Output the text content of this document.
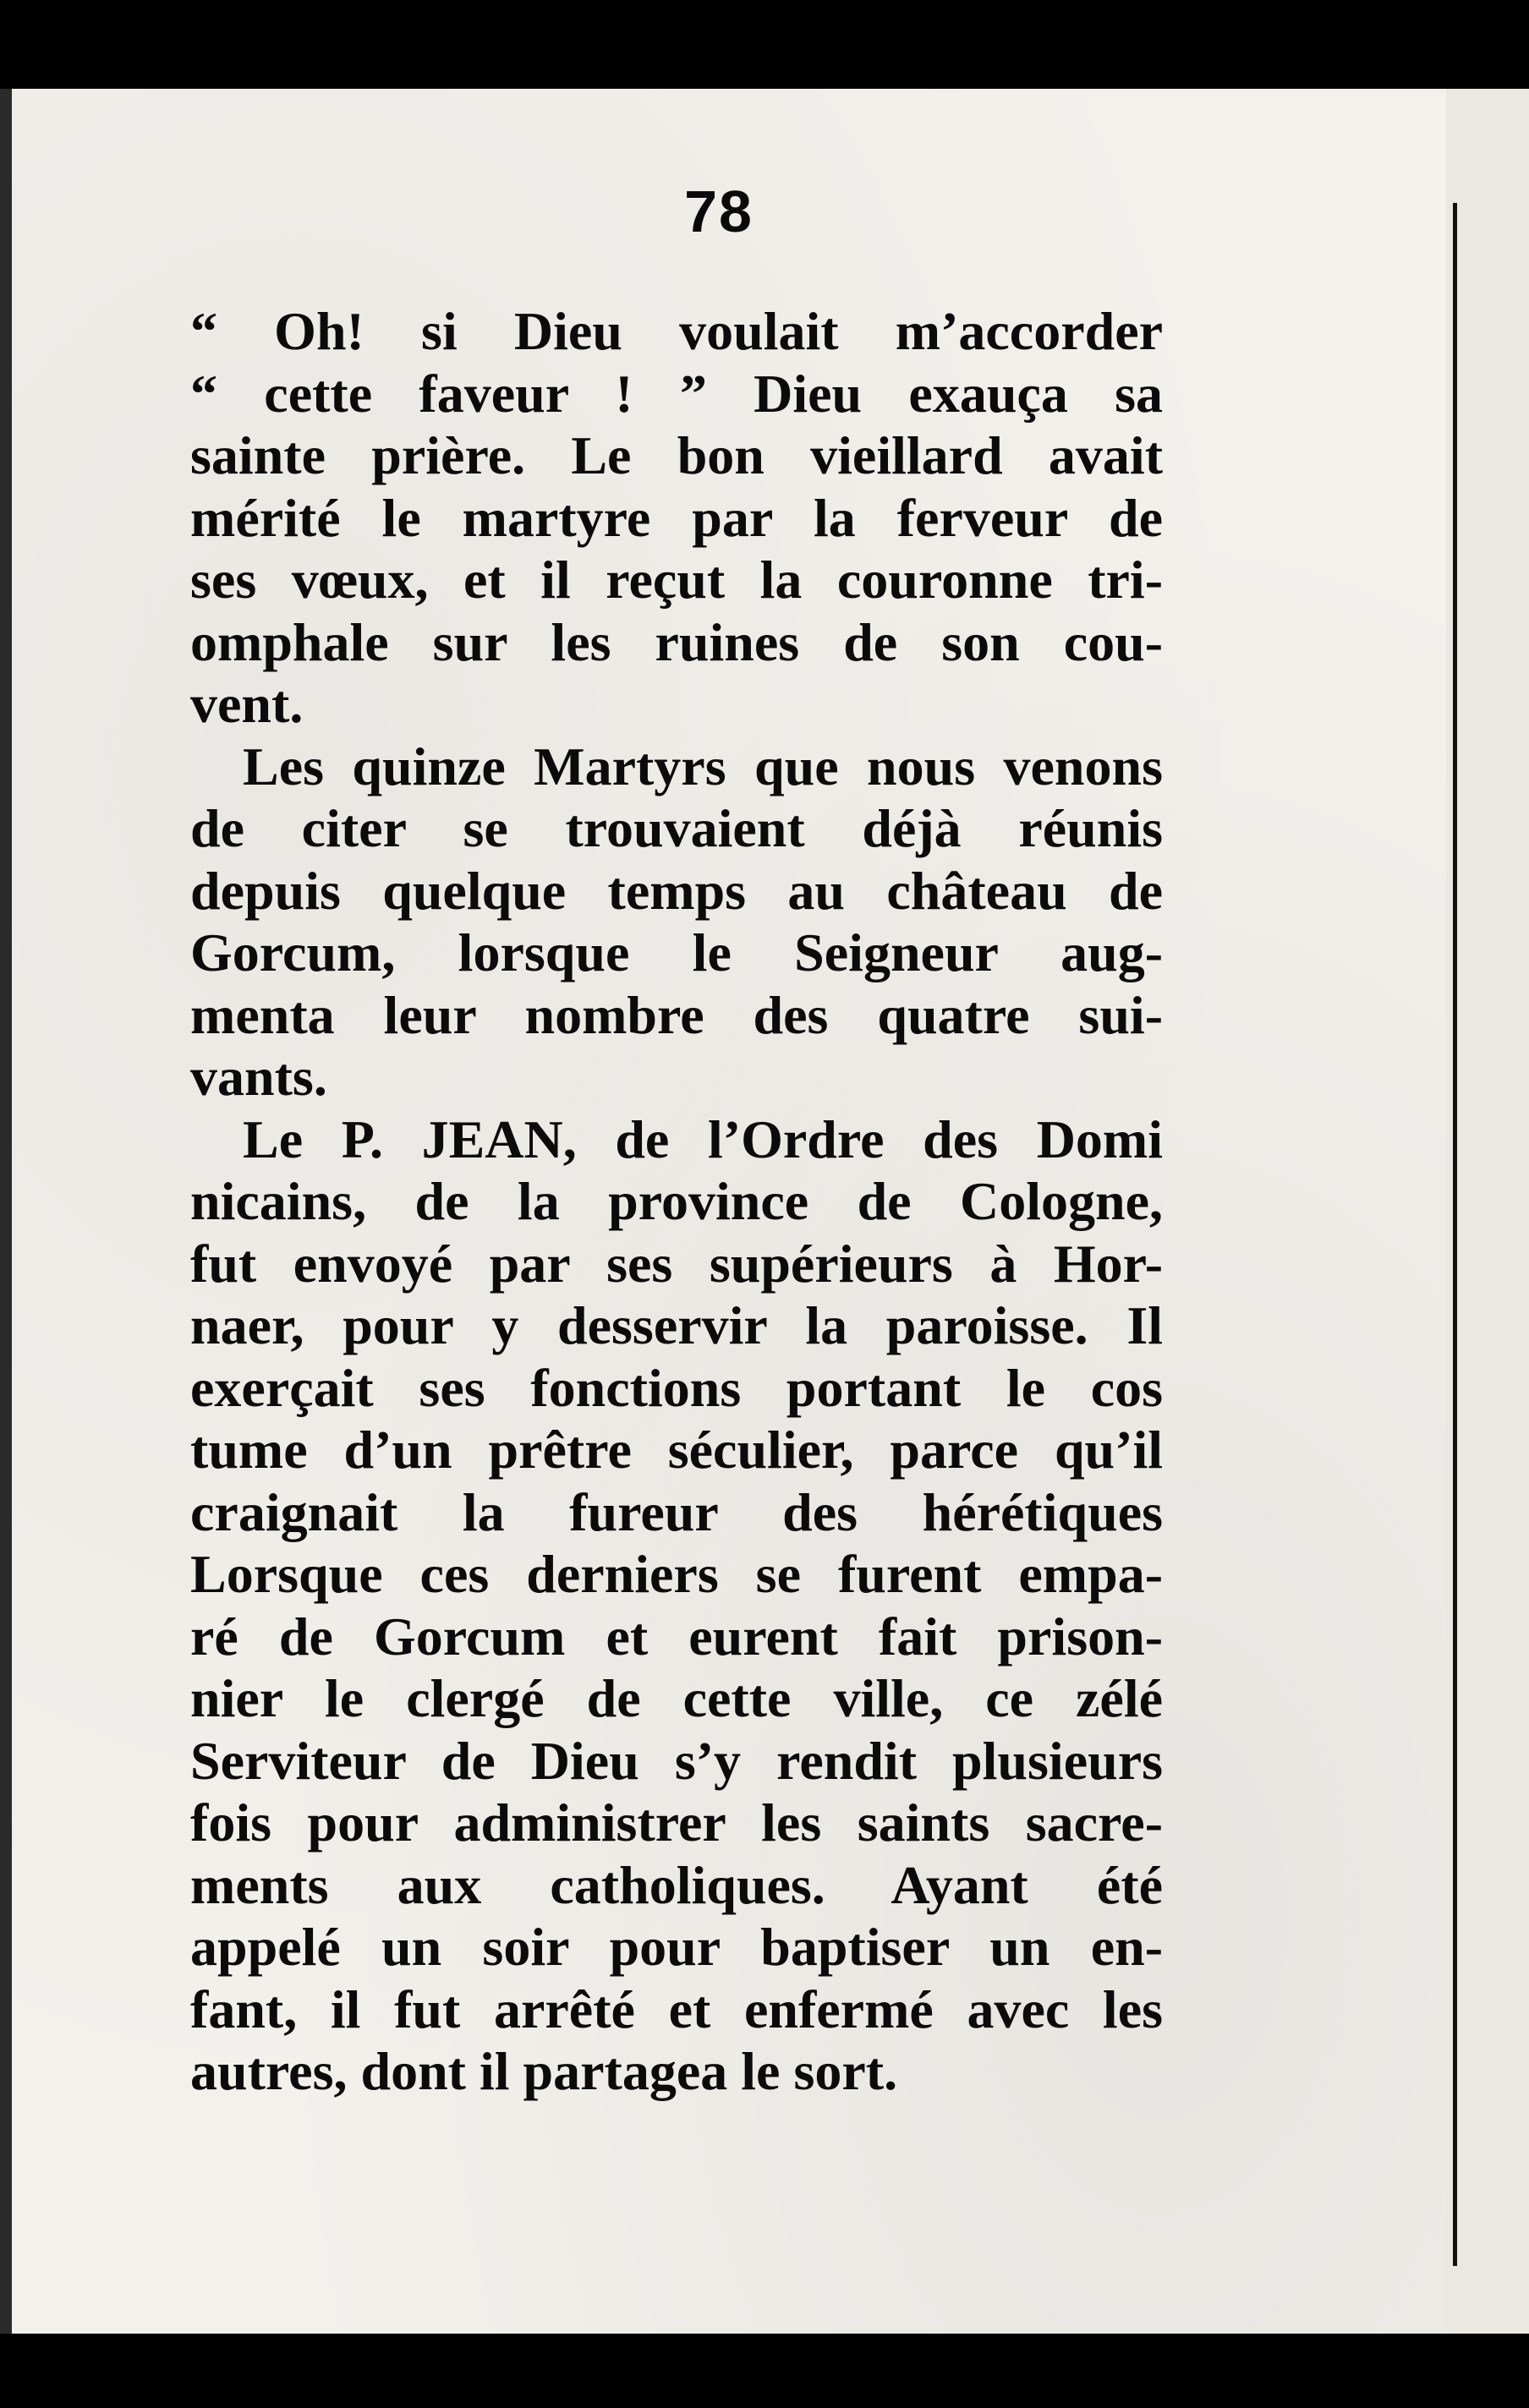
78

“ Oh! si Dieu voulait m’accorder
“ cette faveur ! ” Dieu exauça sa
sainte prière. Le bon vieillard avait
mérité le martyre par la ferveur de
ses vœux, et il reçut la couronne tri-
omphale sur les ruines de son cou-
vent.

Les quinze Martyrs que nous venons
de citer se trouvaient déjà réunis
depuis quelque temps au château de
Gorcum, lorsque le Seigneur aug-
menta leur nombre des quatre sui-
vants.

Le P. JEAN, de l’Ordre des Domi
nicains, de la province de Cologne,
fut envoyé par ses supérieurs à Hor-
naer, pour y desservir la paroisse. Il
exerçait ses fonctions portant le cos
tume d’un prêtre séculier, parce qu’il
craignait la fureur des hérétiques
Lorsque ces derniers se furent empa-
ré de Gorcum et eurent fait prison-
nier le clergé de cette ville, ce zélé
Serviteur de Dieu s’y rendit plusieurs
fois pour administrer les saints sacre-
ments aux catholiques. Ayant été
appelé un soir pour baptiser un en-
fant, il fut arrêté et enfermé avec les
autres, dont il partagea le sort.
